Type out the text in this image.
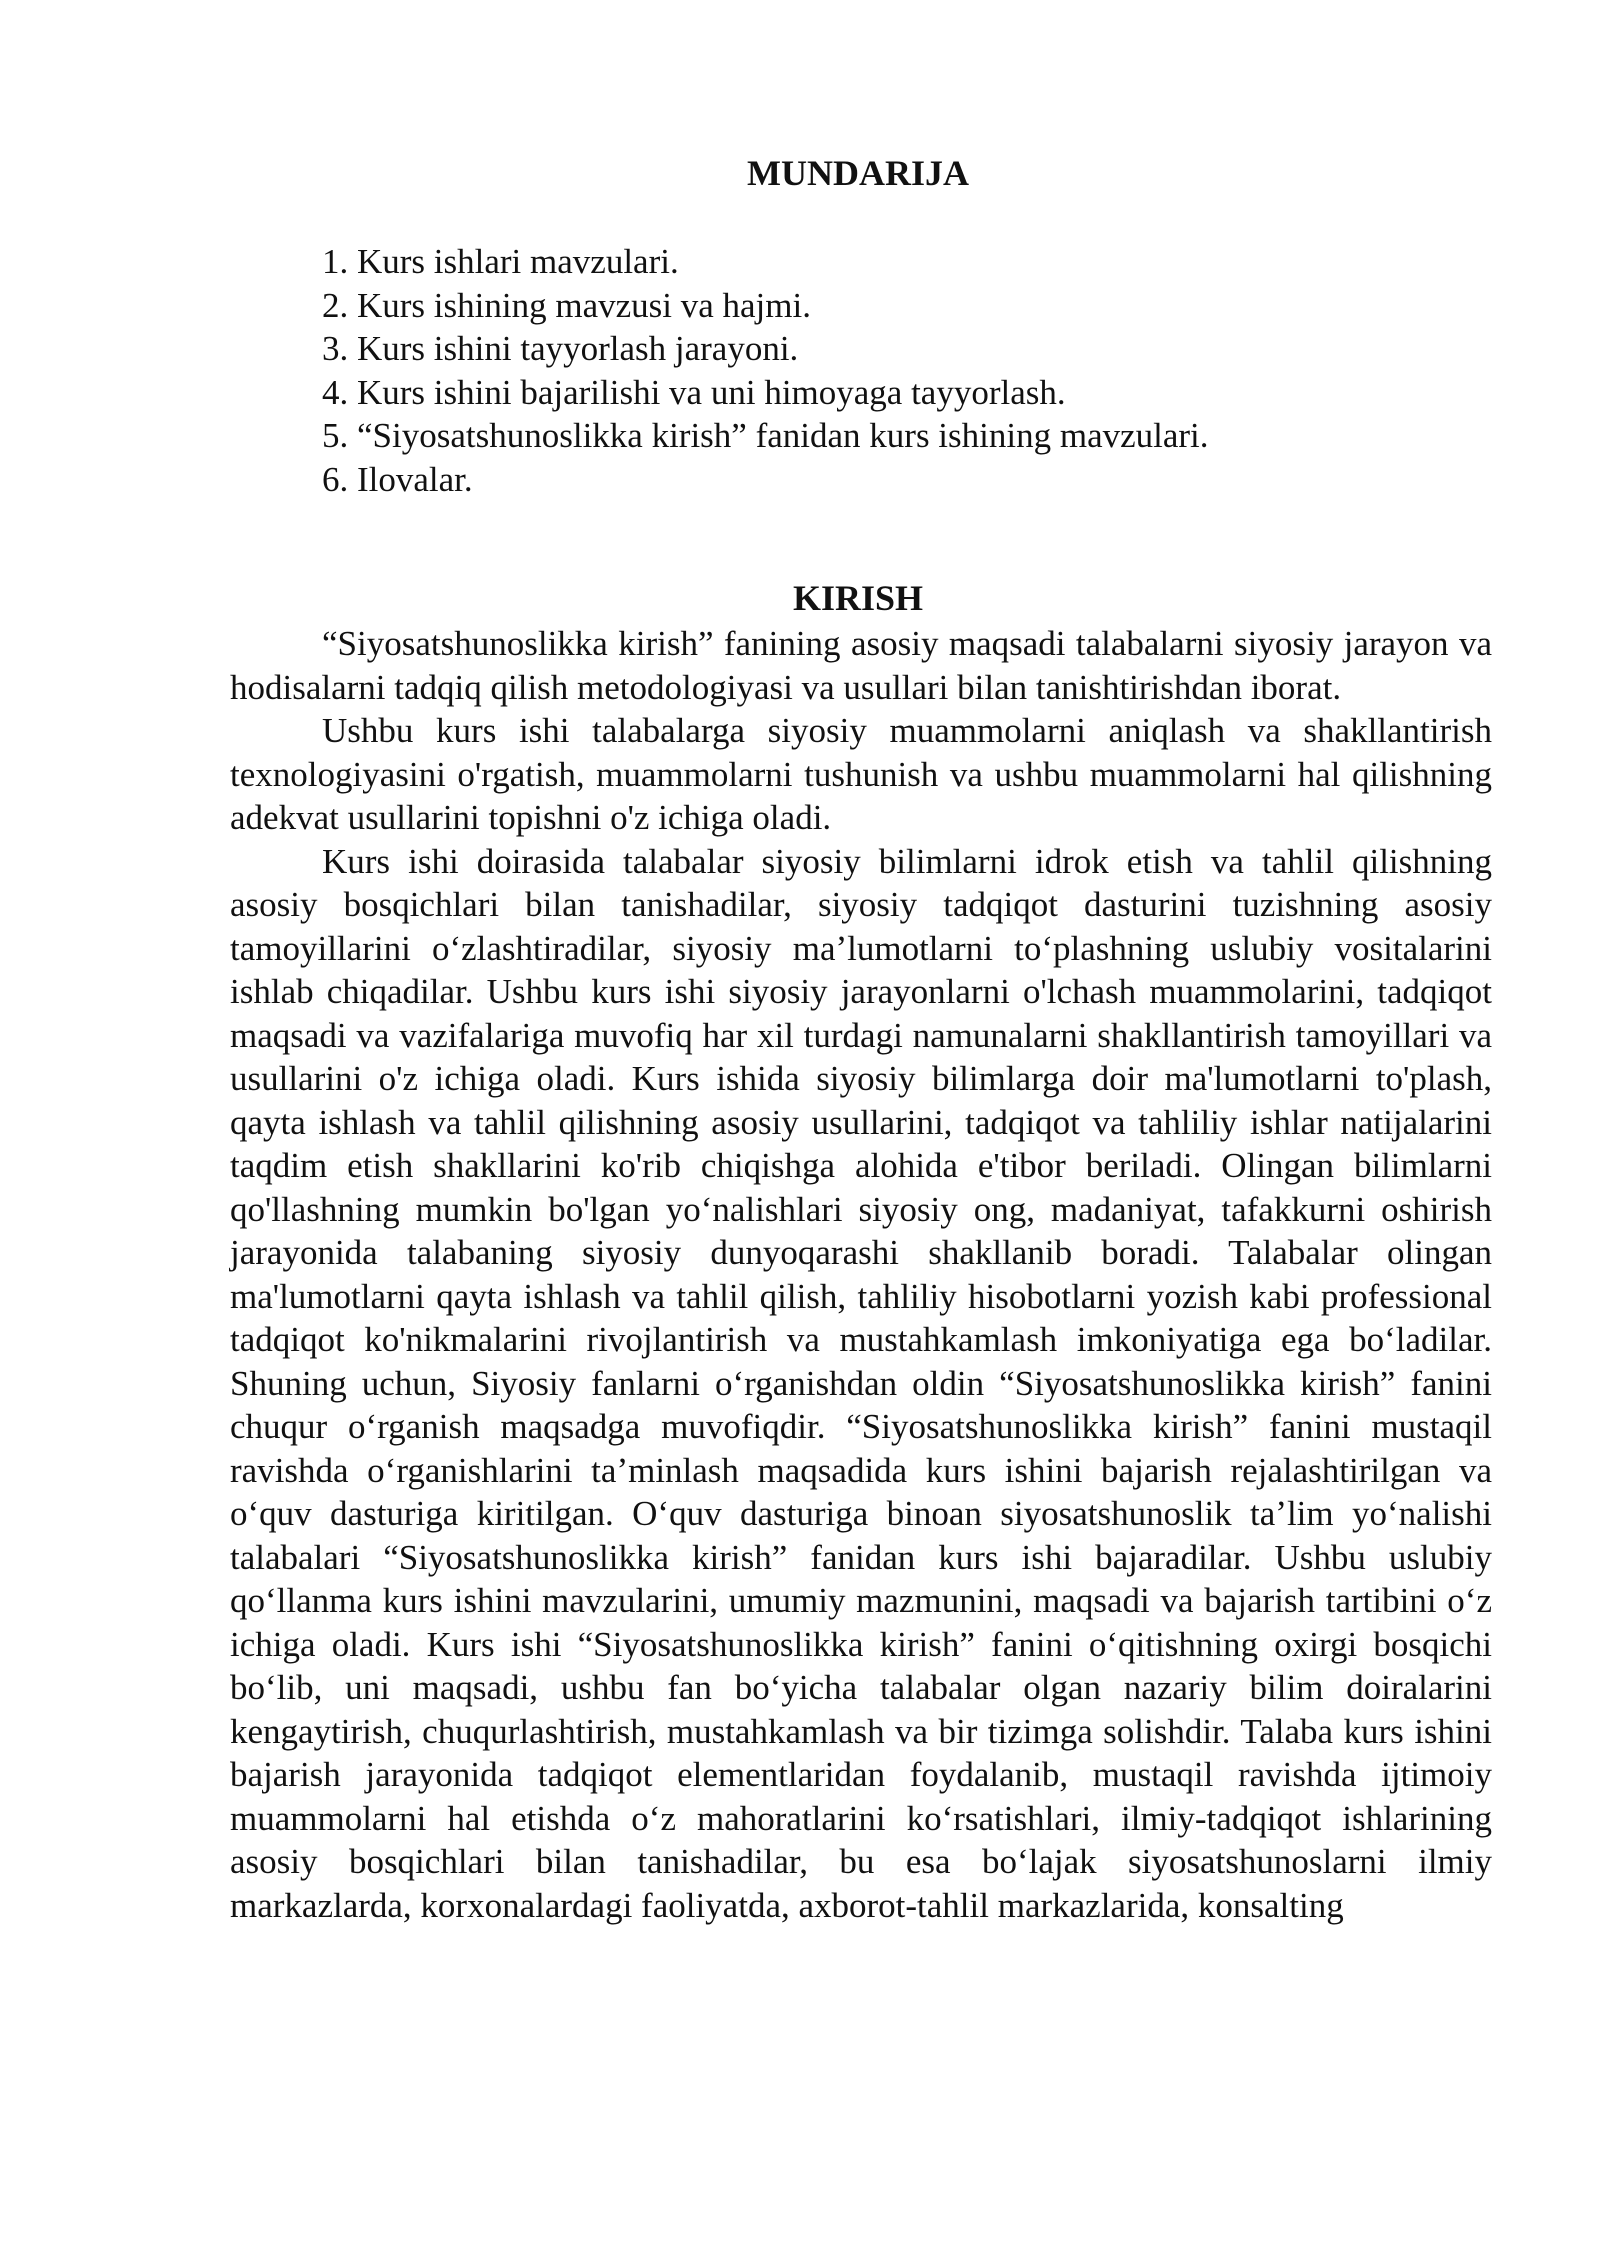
MUNDARIJA
1. Kurs ishlari mavzulari.
2. Kurs ishining mavzusi va hajmi.
3. Kurs ishini tayyorlash jarayoni.
4. Kurs ishini bajarilishi va uni himoyaga tayyorlash.
5. “Siyosatshunoslikka kirish” fanidan kurs ishining mavzulari.
6. Ilovalar.
KIRISH

“Siyosatshunoslikka kirish” fanining asosiy maqsadi talabalarni siyosiy jarayon va hodisalarni tadqiq qilish metodologiyasi va usullari bilan tanishtirishdan iborat.

Ushbu kurs ishi talabalarga siyosiy muammolarni aniqlash va shakllantirish texnologiyasini o'rgatish, muammolarni tushunish va ushbu muammolarni hal qilishning adekvat usullarini topishni o'z ichiga oladi.

Kurs ishi doirasida talabalar siyosiy bilimlarni idrok etish va tahlil qilishning asosiy bosqichlari bilan tanishadilar, siyosiy tadqiqot dasturini tuzishning asosiy tamoyillarini oʻzlashtiradilar, siyosiy maʼlumotlarni toʻplashning uslubiy vositalarini ishlab chiqadilar. Ushbu kurs ishi siyosiy jarayonlarni o'lchash muammolarini, tadqiqot maqsadi va vazifalariga muvofiq har xil turdagi namunalarni shakllantirish tamoyillari va usullarini o'z ichiga oladi. Kurs ishida siyosiy bilimlarga doir ma'lumotlarni to'plash, qayta ishlash va tahlil qilishning asosiy usullarini, tadqiqot va tahliliy ishlar natijalarini taqdim etish shakllarini ko'rib chiqishga alohida e'tibor beriladi. Olingan bilimlarni qo'llashning mumkin bo'lgan yoʻnalishlari siyosiy ong, madaniyat, tafakkurni oshirish jarayonida talabaning siyosiy dunyoqarashi shakllanib boradi. Talabalar olingan ma'lumotlarni qayta ishlash va tahlil qilish, tahliliy hisobotlarni yozish kabi professional tadqiqot ko'nikmalarini rivojlantirish va mustahkamlash imkoniyatiga ega boʻladilar. Shuning uchun, Siyosiy fanlarni oʻrganishdan oldin “Siyosatshunoslikka kirish” fanini chuqur oʻrganish maqsadga muvofiqdir. “Siyosatshunoslikka kirish” fanini mustaqil ravishda oʻrganishlarini taʼminlash maqsadida kurs ishini bajarish rejalashtirilgan va oʻquv dasturiga kiritilgan. Oʻquv dasturiga binoan siyosatshunoslik taʼlim yoʻnalishi talabalari “Siyosatshunoslikka kirish” fanidan kurs ishi bajaradilar. Ushbu uslubiy qoʻllanma kurs ishini mavzularini, umumiy mazmunini, maqsadi va bajarish tartibini oʻz ichiga oladi. Kurs ishi “Siyosatshunoslikka kirish” fanini oʻqitishning oxirgi bosqichi boʻlib, uni maqsadi, ushbu fan boʻyicha talabalar olgan nazariy bilim doiralarini kengaytirish, chuqurlashtirish, mustahkamlash va bir tizimga solishdir. Talaba kurs ishini bajarish jarayonida tadqiqot elementlaridan foydalanib, mustaqil ravishda ijtimoiy muammolarni hal etishda oʻz mahoratlarini koʻrsatishlari, ilmiy-tadqiqot ishlarining asosiy bosqichlari bilan tanishadilar, bu esa boʻlajak siyosatshunoslarni ilmiy markazlarda, korxonalardagi faoliyatda, axborot-tahlil markazlarida, konsalting
